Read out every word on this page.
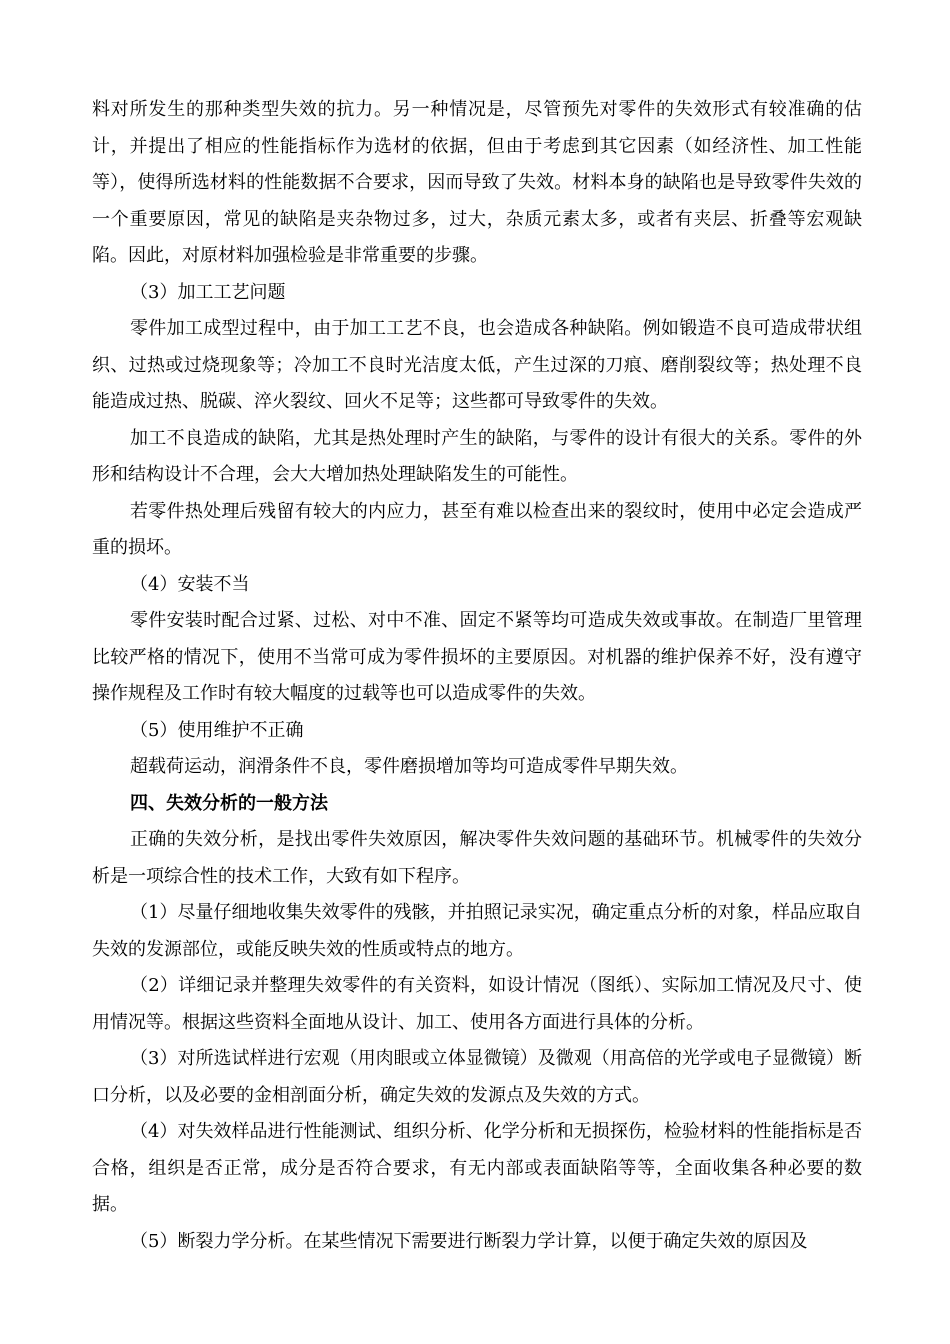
料对所发生的那种类型失效的抗力。另一种情况是，尽管预先对零件的失效形式有较准确的估计，并提出了相应的性能指标作为选材的依据，但由于考虑到其它因素（如经济性、加工性能等），使得所选材料的性能数据不合要求，因而导致了失效。材料本身的缺陷也是导致零件失效的一个重要原因，常见的缺陷是夹杂物过多，过大，杂质元素太多，或者有夹层、折叠等宏观缺陷。因此，对原材料加强检验是非常重要的步骤。

（3）加工工艺问题

零件加工成型过程中，由于加工工艺不良，也会造成各种缺陷。例如锻造不良可造成带状组织、过热或过烧现象等；冷加工不良时光洁度太低，产生过深的刀痕、磨削裂纹等；热处理不良能造成过热、脱碳、淬火裂纹、回火不足等；这些都可导致零件的失效。

加工不良造成的缺陷，尤其是热处理时产生的缺陷，与零件的设计有很大的关系。零件的外形和结构设计不合理，会大大增加热处理缺陷发生的可能性。

若零件热处理后残留有较大的内应力，甚至有难以检查出来的裂纹时，使用中必定会造成严重的损坏。

（4）安装不当

零件安装时配合过紧、过松、对中不准、固定不紧等均可造成失效或事故。在制造厂里管理比较严格的情况下，使用不当常可成为零件损坏的主要原因。对机器的维护保养不好，没有遵守操作规程及工作时有较大幅度的过载等也可以造成零件的失效。

（5）使用维护不正确

超载荷运动，润滑条件不良，零件磨损增加等均可造成零件早期失效。

四、失效分析的一般方法

正确的失效分析，是找出零件失效原因，解决零件失效问题的基础环节。机械零件的失效分析是一项综合性的技术工作，大致有如下程序。

（1）尽量仔细地收集失效零件的残骸，并拍照记录实况，确定重点分析的对象，样品应取自失效的发源部位，或能反映失效的性质或特点的地方。

（2）详细记录并整理失效零件的有关资料，如设计情况（图纸）、实际加工情况及尺寸、使用情况等。根据这些资料全面地从设计、加工、使用各方面进行具体的分析。

（3）对所选试样进行宏观（用肉眼或立体显微镜）及微观（用高倍的光学或电子显微镜）断口分析，以及必要的金相剖面分析，确定失效的发源点及失效的方式。

（4）对失效样品进行性能测试、组织分析、化学分析和无损探伤，检验材料的性能指标是否合格，组织是否正常，成分是否符合要求，有无内部或表面缺陷等等，全面收集各种必要的数据。

（5）断裂力学分析。在某些情况下需要进行断裂力学计算，以便于确定失效的原因及
